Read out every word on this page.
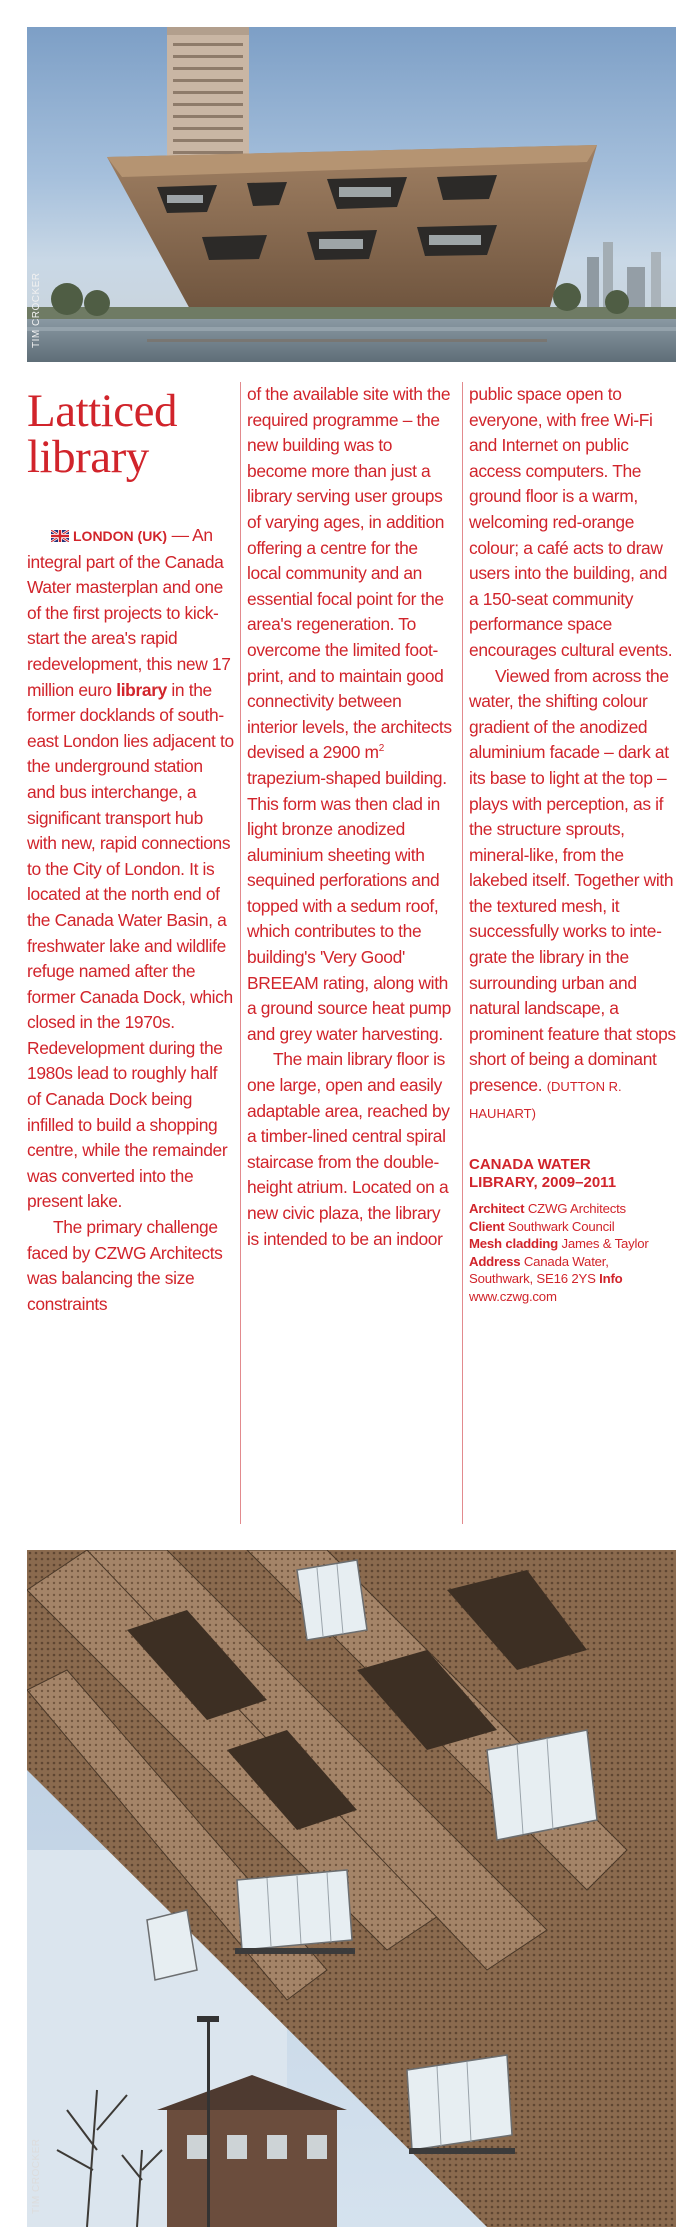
TIM CROCKER
Latticed
library

LONDON (UK) — An integral part of the Canada Water masterplan and one of the first projects to kick-start the area's rapid redevelopment, this new 17 million euro library in the former docklands of south-east London lies adjacent to the underground station and bus interchange, a significant transport hub with new, rapid connections to the City of London. It is located at the north end of the Canada Water Basin, a freshwater lake and wildlife refuge named after the former Canada Dock, which closed in the 1970s. Redevelopment during the 1980s lead to roughly half of Canada Dock being infilled to build a shopping centre, while the remainder was converted into the present lake.

The primary challenge faced by CZWG Architects was balancing the size constraints

of the available site with the required programme – the new building was to become more than just a library serving user groups of varying ages, in addition offering a centre for the local community and an essential focal point for the area's regeneration. To overcome the limited footprint, and to maintain good connectivity between interior levels, the architects devised a 2900 $m^2$ trapezium-shaped building. This form was then clad in light bronze anodized aluminium sheeting with sequined perforations and topped with a sedum roof, which contributes to the building's 'Very Good' BREEAM rating, along with a ground source heat pump and grey water harvesting.

The main library floor is one large, open and easily adaptable area, reached by a timber-lined central spiral staircase from the double-height atrium. Located on a new civic plaza, the library is intended to be an indoor

public space open to everyone, with free Wi-Fi and Internet on public access computers. The ground floor is a warm, welcoming red-orange colour; a café acts to draw users into the building, and a 150-seat community performance space encourages cultural events.

Viewed from across the water, the shifting colour gradient of the anodized aluminium facade – dark at its base to light at the top – plays with perception, as if the structure sprouts, mineral-like, from the lakebed itself. Together with the textured mesh, it successfully works to integrate the library in the surrounding urban and natural landscape, a prominent feature that stops short of being a dominant presence. (DUTTON R. HAUHART)

CANADA WATER
LIBRARY, 2009–2011
Architect CZWG Architects
Client Southwark Council
Mesh cladding James & Taylor
Address Canada Water, Southwark, SE16 2YS Info
www.czwg.com
TIM CROCKER
